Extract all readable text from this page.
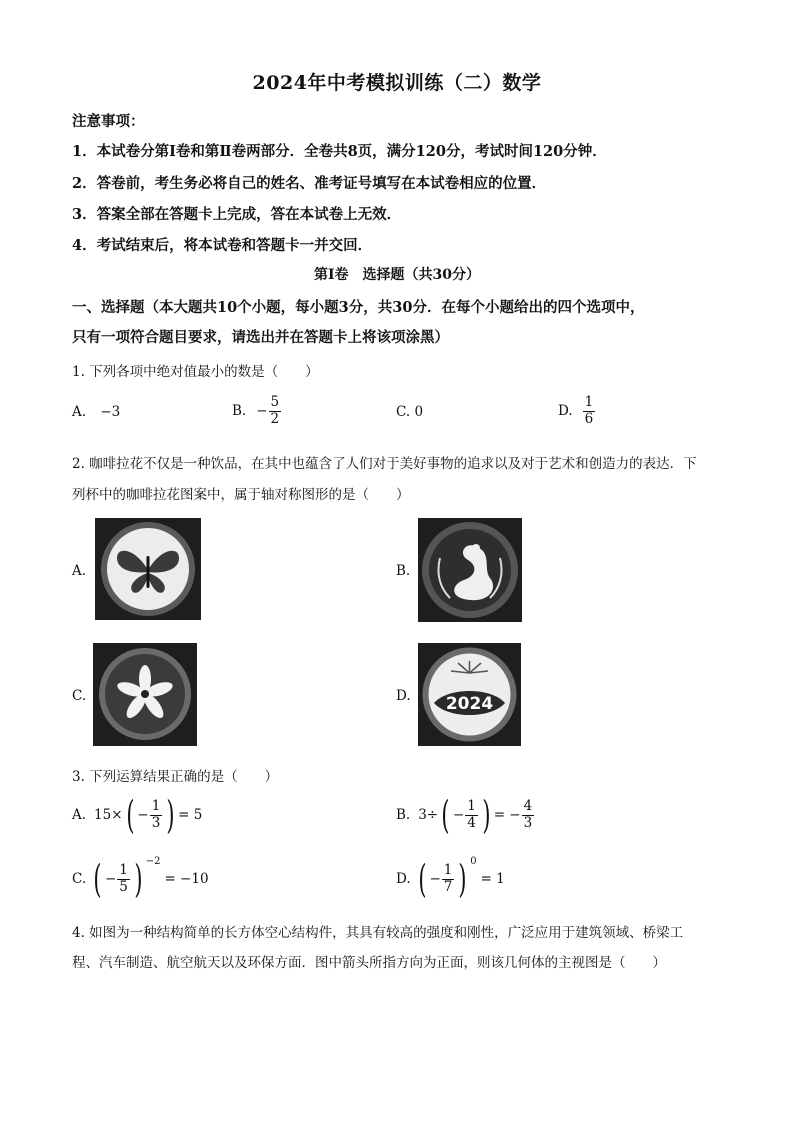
2024年中考模拟训练（二）数学
注意事项：
1．本试卷分第Ⅰ卷和第Ⅱ卷两部分．全卷共8页，满分120分，考试时间120分钟．
2．答卷前，考生务必将自己的姓名、准考证号填写在本试卷相应的位置．
3．答案全部在答题卡上完成，答在本试卷上无效．
4．考试结束后，将本试卷和答题卡一并交回．
第Ⅰ卷　选择题（共30分）
一、选择题（本大题共10个小题，每小题3分，共30分．在每个小题给出的四个选项中，
只有一项符合题目要求，请选出并在答题卡上将该项涂黑）
1. 下列各项中绝对值最小的数是（　　）
A. −3	B. − $\frac{5}{2}$	C. 0	D. $\frac{1}{6}$
2. 咖啡拉花不仅是一种饮品，在其中也蕴含了人们对于美好事物的追求以及对于艺术和创造力的表达．下
列杯中的咖啡拉花图案中，属于轴对称图形的是（　　）
A.	B.
C.	D. 2024
3. 下列运算结果正确的是（　　）
A. 15× ( − $\frac{1}{3}$ ) = 5	B. 3÷ ( − $\frac{1}{4}$ ) = − $\frac{4}{3}$
C. ( − $\frac{1}{5}$ ) −2
= −10	D. ( − $\frac{1}{7}$ ) 0
= 1
4. 如图为一种结构简单的长方体空心结构件，其具有较高的强度和刚性，广泛应用于建筑领域、桥梁工
程、汽车制造、航空航天以及环保方面．图中箭头所指方向为正面，则该几何体的主视图是（　　）
